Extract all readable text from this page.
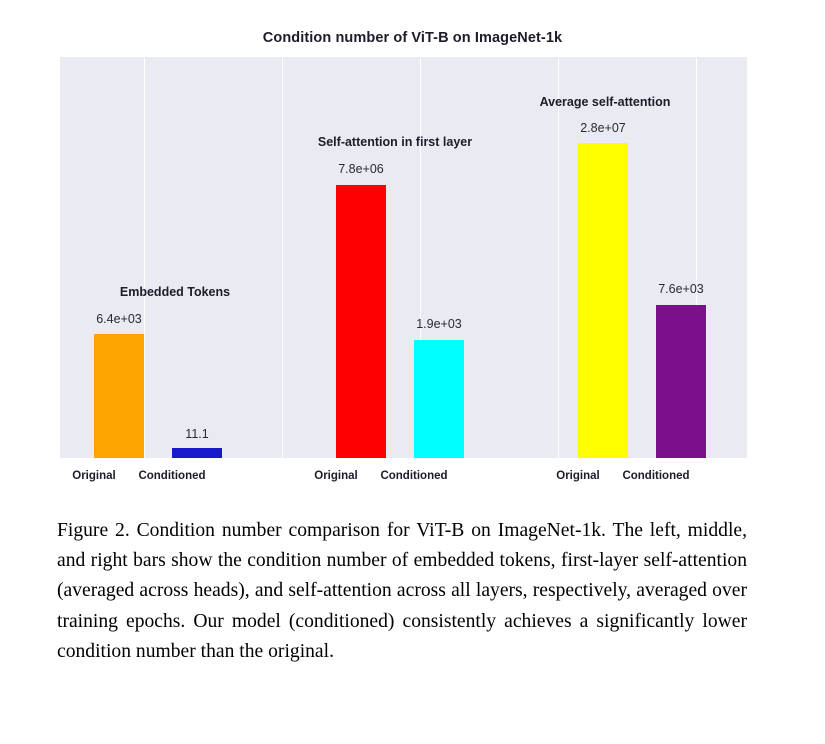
Condition number of ViT-B on ImageNet-1k
Embedded Tokens
Self-attention in first layer
Average self-attention
6.4e+03
11.1
7.8e+06
1.9e+03
2.8e+07
7.6e+03
Original	Conditioned	Original	Conditioned	Original	Conditioned
Figure 2. Condition number comparison for ViT-B on ImageNet-1k. The left, middle, and right bars show the condition number of embedded tokens, first-layer self-attention (averaged across heads), and self-attention across all layers, respectively, averaged over training epochs. Our model (conditioned) consistently achieves a significantly lower condition number than the original.
